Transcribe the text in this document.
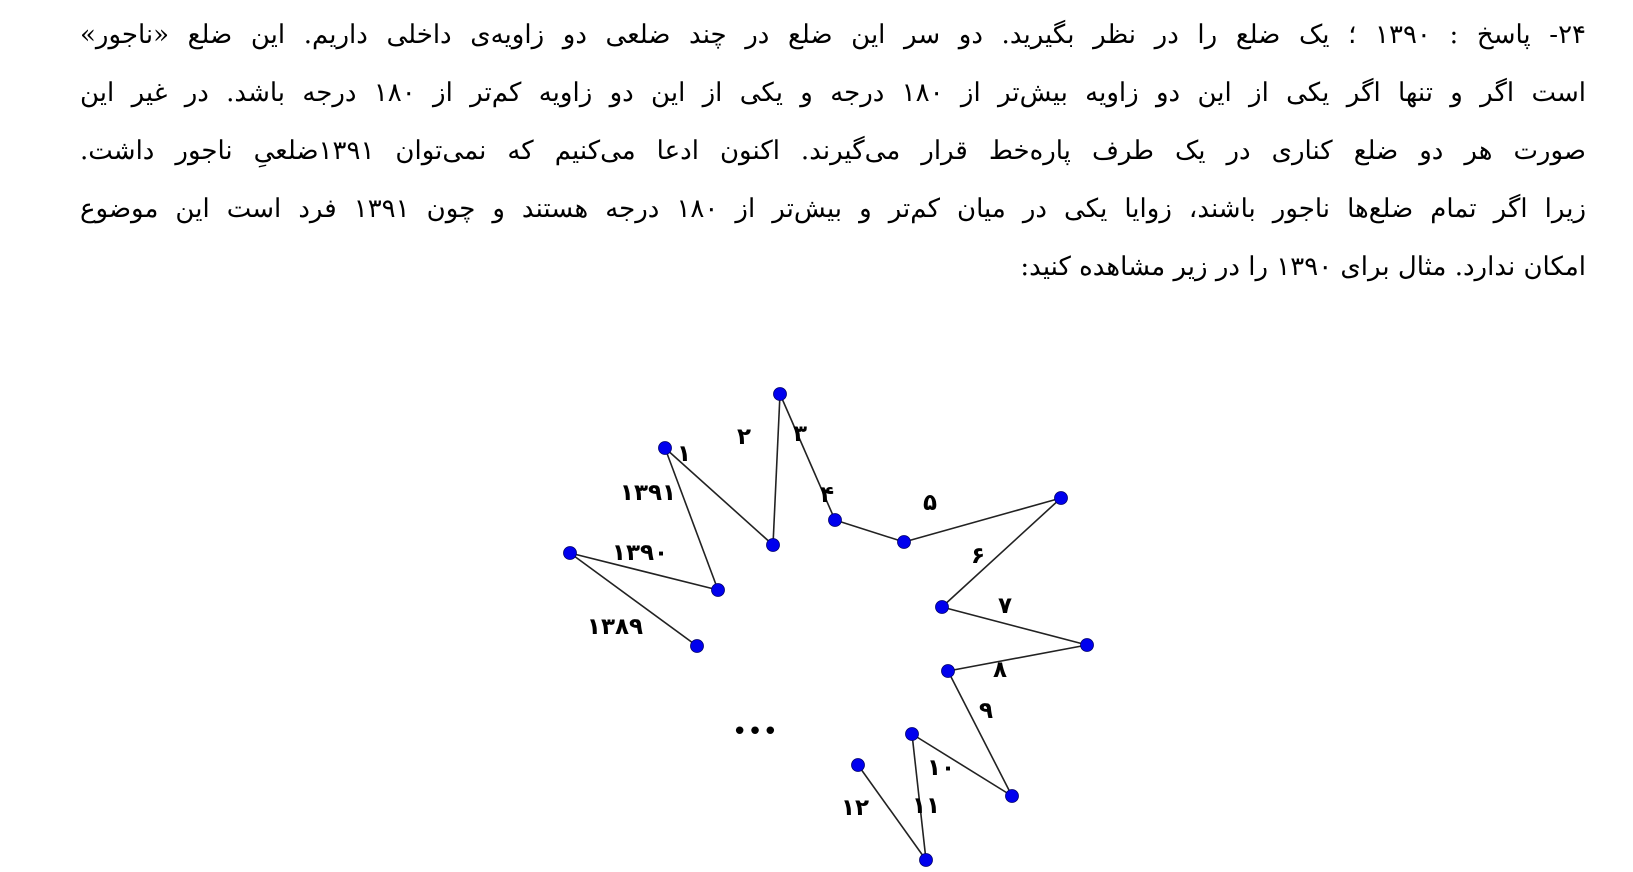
۲۴- پاسخ : ۱۳۹۰ ؛ یک ضلع را در نظر بگیرید. دو سر این ضلع در چند ضلعی دو زاویه‌ی داخلی داریم. این ضلع «ناجور»
است اگر و تنها اگر یکی از این دو زاویه بیش‌تر از ۱۸۰ درجه و یکی از این دو زاویه کم‌تر از ۱۸۰ درجه باشد. در غیر این
صورت هر دو ضلع کناری در یک طرف پاره‌خط قرار می‌گیرند. اکنون ادعا می‌کنیم که نمی‌توان ۱۳۹۱ضلعیِ ناجور داشت.
زیرا اگر تمام ضلع‌ها ناجور باشند، زوایا یکی در میان کم‌تر و بیش‌تر از ۱۸۰ درجه هستند و چون ۱۳۹۱ فرد است این موضوع
امکان ندارد. مثال برای ۱۳۹۰ را در زیر مشاهده کنید:
۱
۲ ۳
۴	۵
۶
۷
۸
۹
۱۰
۱۱
۱۲
۱۳۸۹
۱۳۹۰
۱۳۹۱
•••
